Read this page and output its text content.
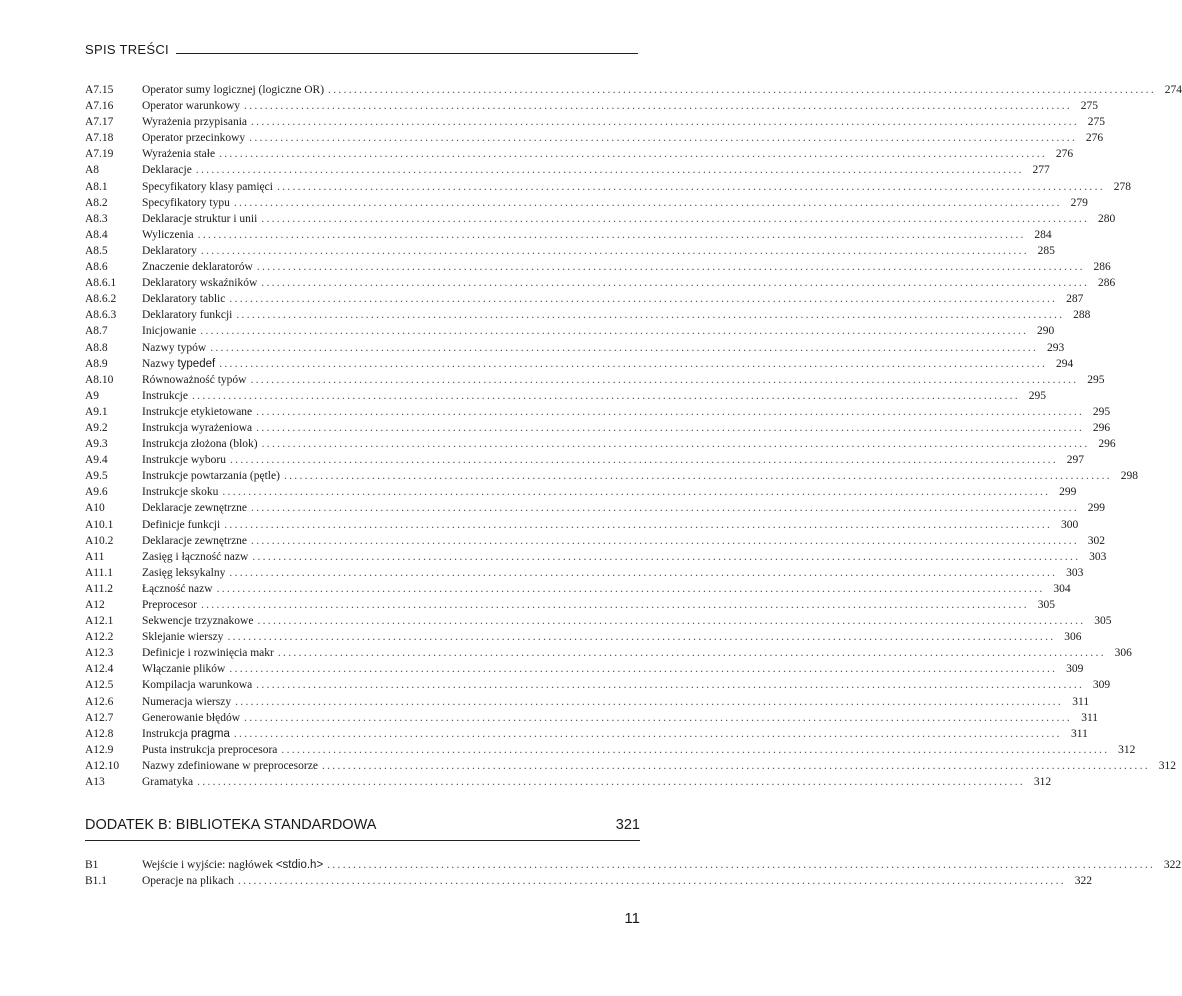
SPIS TREŚCI
A7.15	Operator sumy logicznej (logiczne OR) ................................................................................................................................................................ 274
A7.16	Operator warunkowy ................................................................................................................................................................ 275
A7.17	Wyrażenia przypisania ................................................................................................................................................................ 275
A7.18	Operator przecinkowy ................................................................................................................................................................ 276
A7.19	Wyrażenia stałe ................................................................................................................................................................ 276
A8	Deklaracje ................................................................................................................................................................ 277
A8.1	Specyfikatory klasy pamięci ................................................................................................................................................................ 278
A8.2	Specyfikatory typu ................................................................................................................................................................ 279
A8.3	Deklaracje struktur i unii ................................................................................................................................................................ 280
A8.4	Wyliczenia ................................................................................................................................................................ 284
A8.5	Deklaratory ................................................................................................................................................................ 285
A8.6	Znaczenie deklaratorów ................................................................................................................................................................ 286
A8.6.1	Deklaratory wskaźników ................................................................................................................................................................ 286
A8.6.2	Deklaratory tablic ................................................................................................................................................................ 287
A8.6.3	Deklaratory funkcji ................................................................................................................................................................ 288
A8.7	Inicjowanie ................................................................................................................................................................ 290
A8.8	Nazwy typów ................................................................................................................................................................ 293
A8.9	Nazwy typedef ................................................................................................................................................................ 294
A8.10	Równoważność typów ................................................................................................................................................................ 295
A9	Instrukcje ................................................................................................................................................................ 295
A9.1	Instrukcje etykietowane ................................................................................................................................................................ 295
A9.2	Instrukcja wyrażeniowa ................................................................................................................................................................ 296
A9.3	Instrukcja złożona (blok) ................................................................................................................................................................ 296
A9.4	Instrukcje wyboru ................................................................................................................................................................ 297
A9.5	Instrukcje powtarzania (pętle) ................................................................................................................................................................ 298
A9.6	Instrukcje skoku ................................................................................................................................................................ 299
A10	Deklaracje zewnętrzne ................................................................................................................................................................ 299
A10.1	Definicje funkcji ................................................................................................................................................................ 300
A10.2	Deklaracje zewnętrzne ................................................................................................................................................................ 302
A11	Zasięg i łączność nazw ................................................................................................................................................................ 303
A11.1	Zasięg leksykalny ................................................................................................................................................................ 303
A11.2	Łączność nazw ................................................................................................................................................................ 304
A12	Preprocesor ................................................................................................................................................................ 305
A12.1	Sekwencje trzyznakowe ................................................................................................................................................................ 305
A12.2	Sklejanie wierszy ................................................................................................................................................................ 306
A12.3	Definicje i rozwinięcia makr ................................................................................................................................................................ 306
A12.4	Włączanie plików ................................................................................................................................................................ 309
A12.5	Kompilacja warunkowa ................................................................................................................................................................ 309
A12.6	Numeracja wierszy ................................................................................................................................................................ 311
A12.7	Generowanie błędów ................................................................................................................................................................ 311
A12.8	Instrukcja pragma ................................................................................................................................................................ 311
A12.9	Pusta instrukcja preprocesora ................................................................................................................................................................ 312
A12.10	Nazwy zdefiniowane w preprocesorze ................................................................................................................................................................ 312
A13	Gramatyka ................................................................................................................................................................ 312
DODATEK B: BIBLIOTEKA STANDARDOWA	321
B1	Wejście i wyjście: nagłówek <stdio.h> ................................................................................................................................................................ 322
B1.1	Operacje na plikach ................................................................................................................................................................ 322
11
